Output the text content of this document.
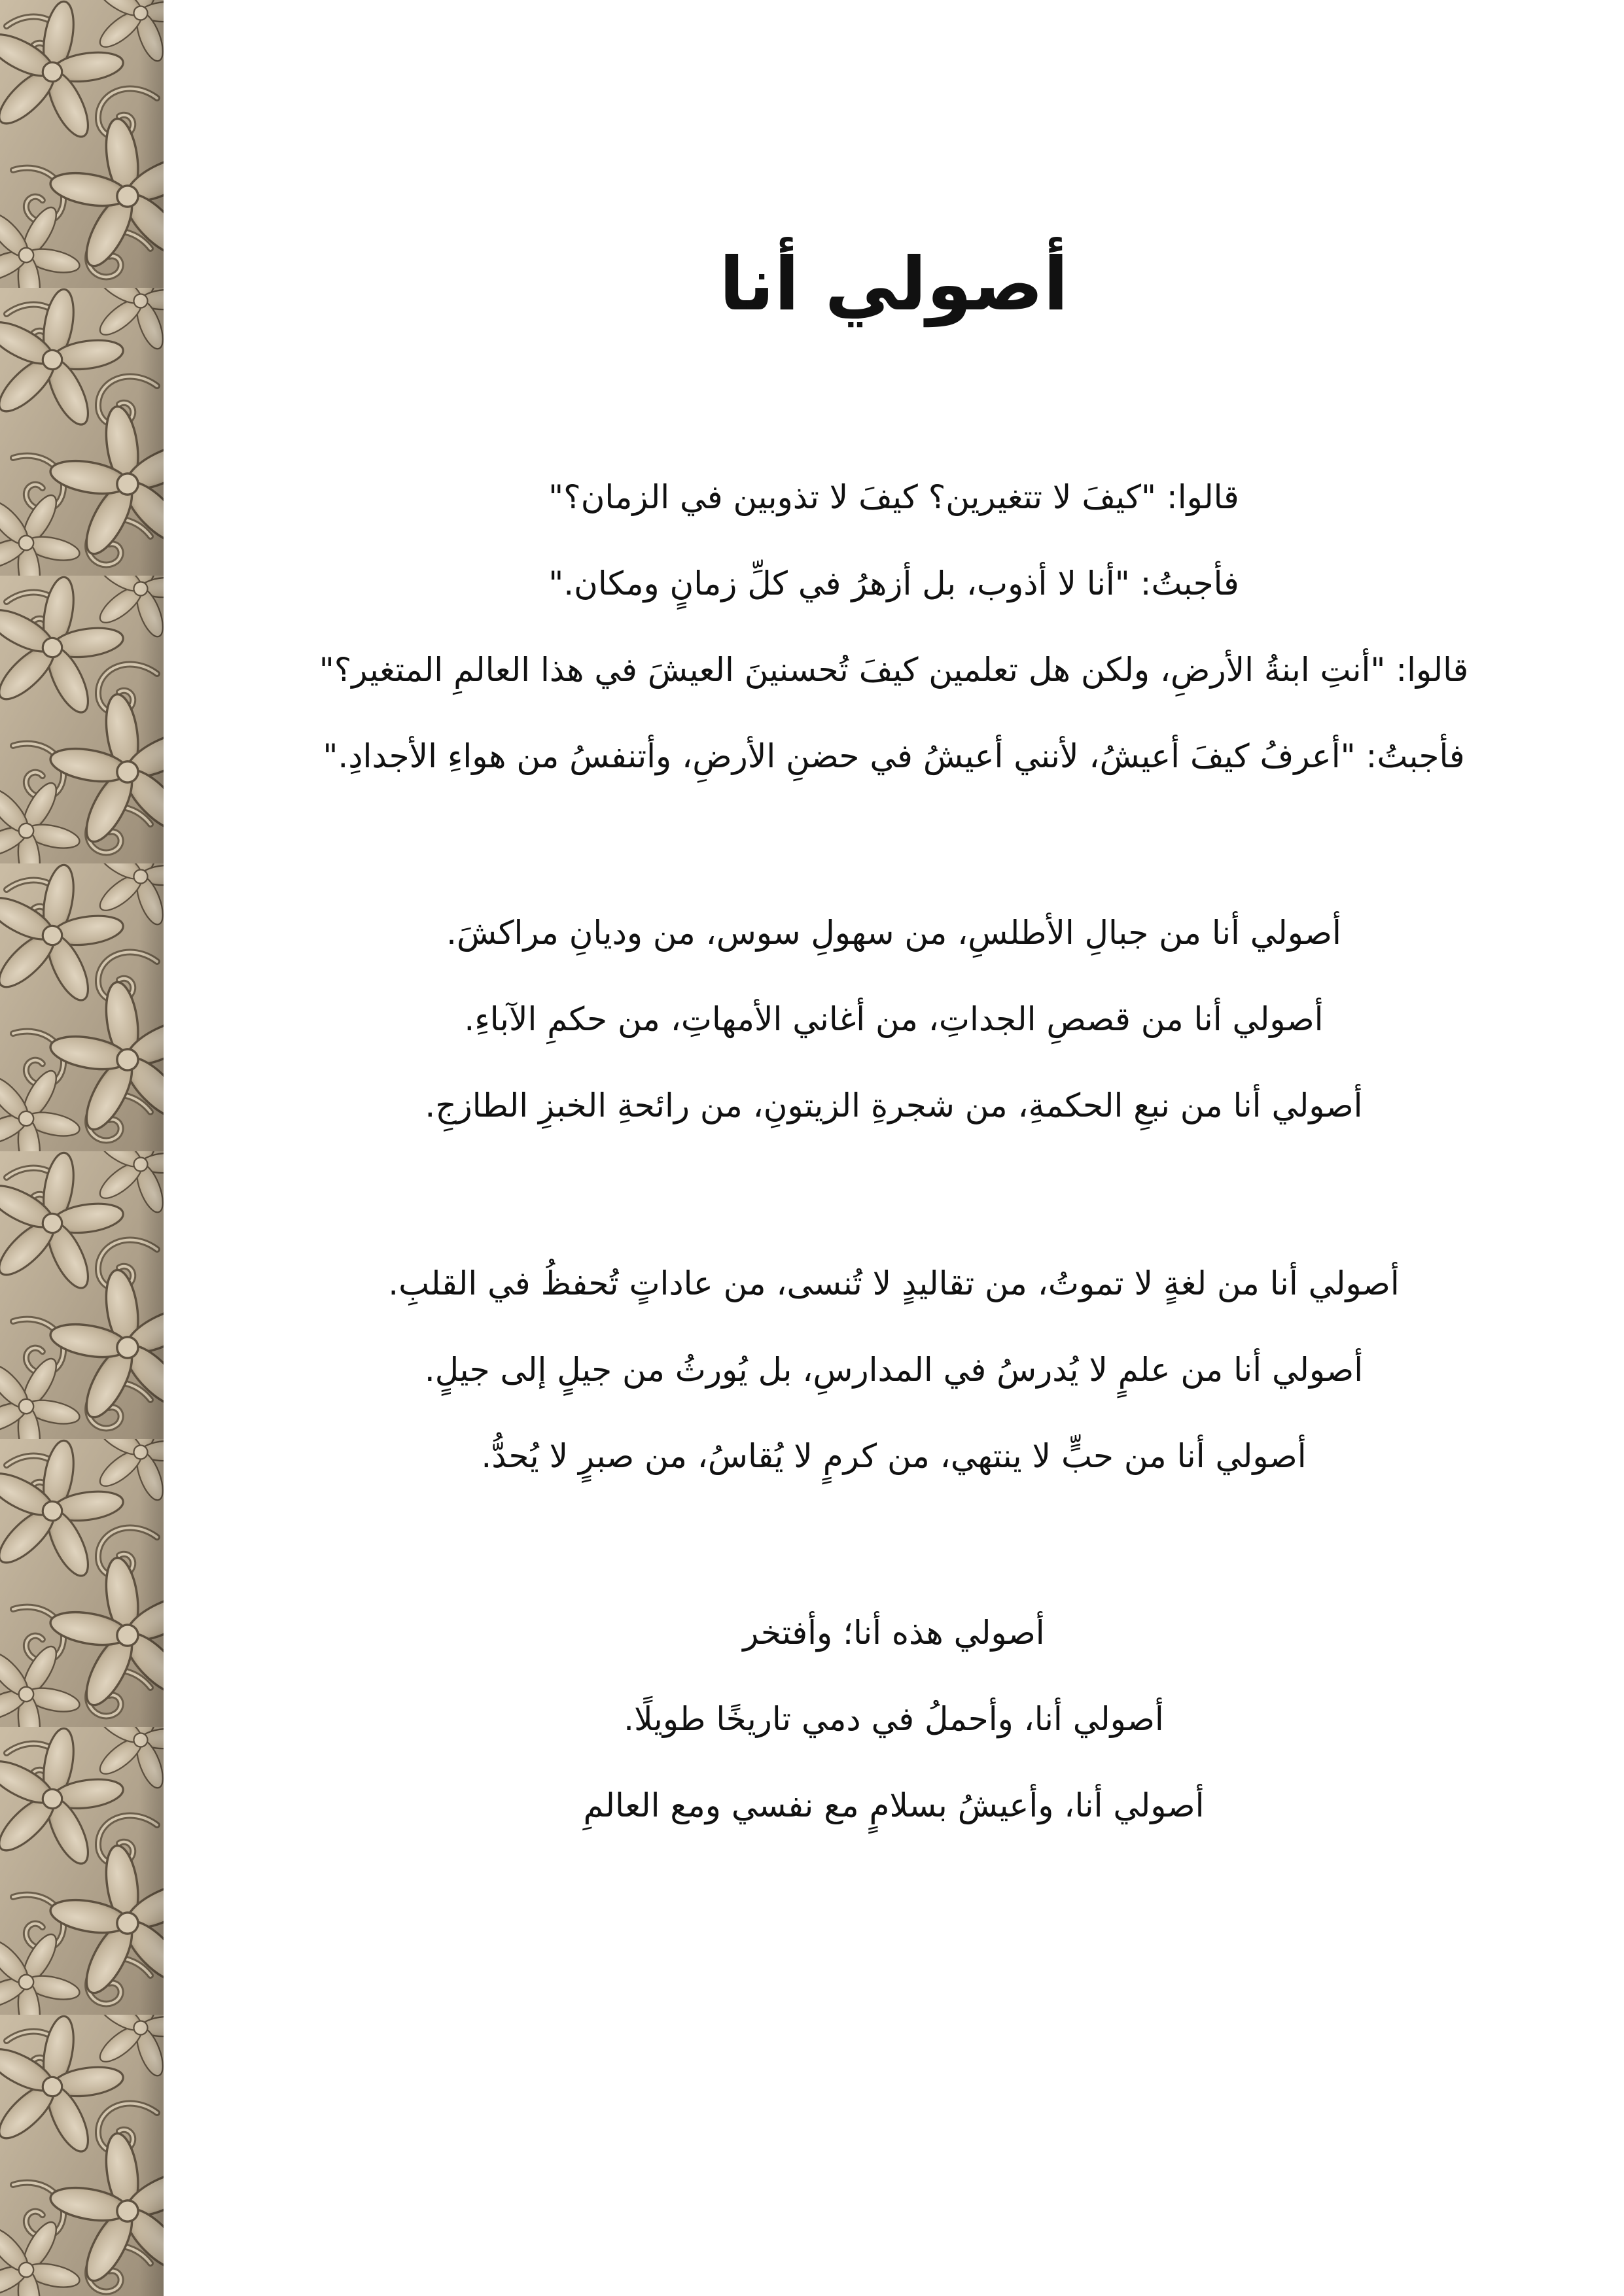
أصولي أنا

قالوا: "كيفَ لا تتغيرين؟ كيفَ لا تذوبين في الزمان؟"

فأجبتُ: "أنا لا أذوب، بل أزهرُ في كلِّ زمانٍ ومكان."

قالوا: "أنتِ ابنةُ الأرضِ، ولكن هل تعلمين كيفَ تُحسنينَ العيشَ في هذا العالمِ المتغير؟"

فأجبتُ: "أعرفُ كيفَ أعيشُ، لأنني أعيشُ في حضنِ الأرضِ، وأتنفسُ من هواءِ الأجدادِ."

أصولي أنا من جبالِ الأطلسِ، من سهولِ سوس، من وديانِ مراكشَ.

أصولي أنا من قصصِ الجداتِ، من أغاني الأمهاتِ، من حكمِ الآباءِ.

أصولي أنا من نبعِ الحكمةِ، من شجرةِ الزيتونِ، من رائحةِ الخبزِ الطازجِ.

أصولي أنا من لغةٍ لا تموتُ، من تقاليدٍ لا تُنسى، من عاداتٍ تُحفظُ في القلبِ.

أصولي أنا من علمٍ لا يُدرسُ في المدارسِ، بل يُورثُ من جيلٍ إلى جيلٍ.

أصولي أنا من حبٍّ لا ينتهي، من كرمٍ لا يُقاسُ، من صبرٍ لا يُحدُّ.

أصولي هذه أنا؛ وأفتخر

أصولي أنا، وأحملُ في دمي تاريخًا طويلًا.

أصولي أنا، وأعيشُ بسلامٍ مع نفسي ومع العالمِ
